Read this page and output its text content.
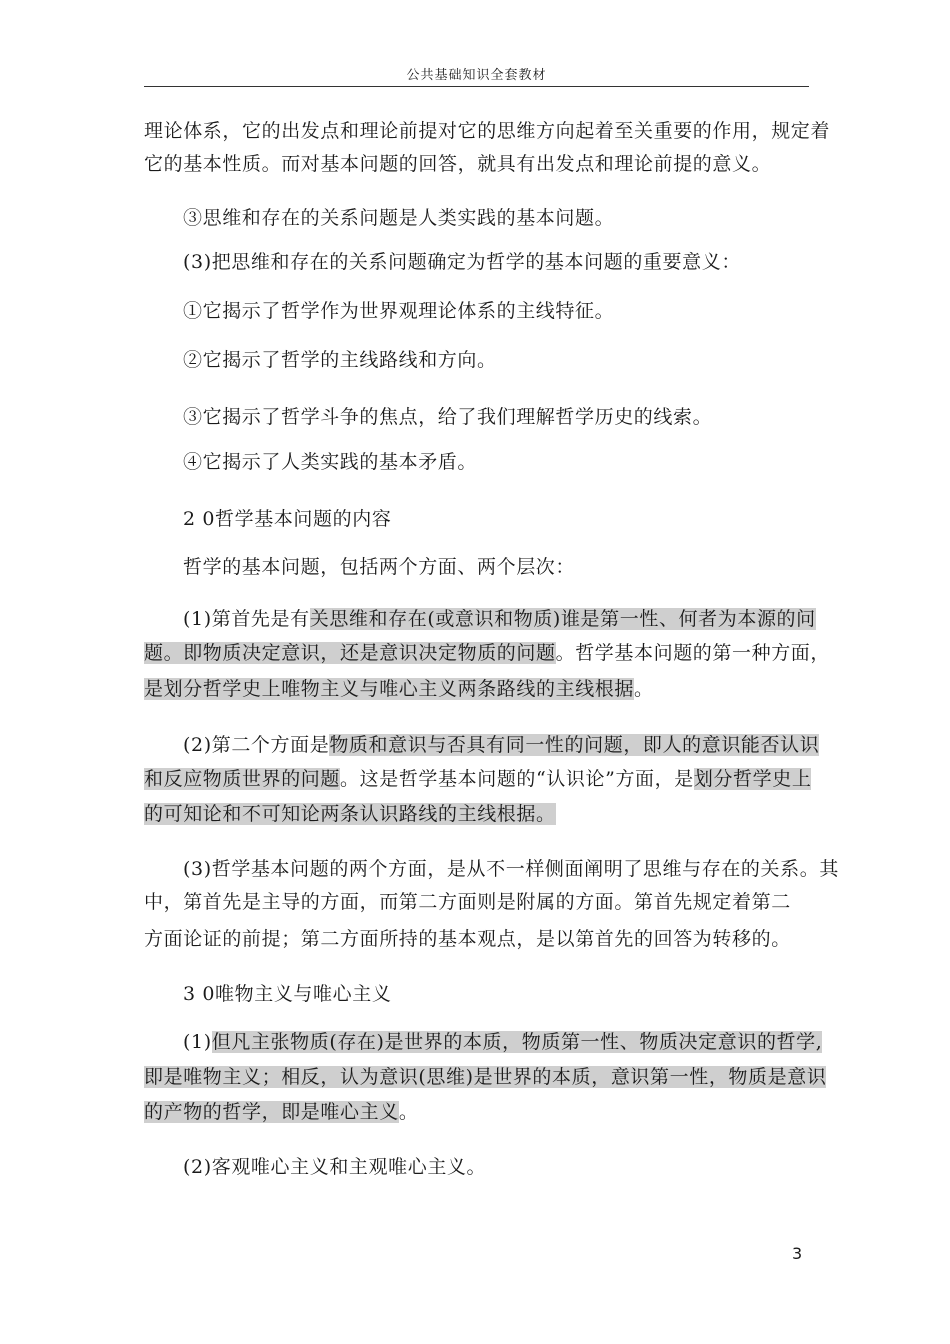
公共基础知识全套教材
理论体系，它的出发点和理论前提对它的思维方向起着至关重要的作用，规定着
它的基本性质。而对基本问题的回答，就具有出发点和理论前提的意义。
③思维和存在的关系问题是人类实践的基本问题。
(3)把思维和存在的关系问题确定为哲学的基本问题的重要意义：
①它揭示了哲学作为世界观理论体系的主线特征。
②它揭示了哲学的主线路线和方向。
③它揭示了哲学斗争的焦点，给了我们理解哲学历史的线索。
④它揭示了人类实践的基本矛盾。
2 0哲学基本问题的内容
哲学的基本问题，包括两个方面、两个层次：
(1)第首先是有关思维和存在(或意识和物质)谁是第一性、何者为本源的问
题。即物质决定意识，还是意识决定物质的问题。哲学基本问题的第一种方面，
是划分哲学史上唯物主义与唯心主义两条路线的主线根据。
(2)第二个方面是物质和意识与否具有同一性的问题，即人的意识能否认识
和反应物质世界的问题。这是哲学基本问题的“认识论”方面，是划分哲学史上
的可知论和不可知论两条认识路线的主线根据。
(3)哲学基本问题的两个方面，是从不一样侧面阐明了思维与存在的关系。其
中，第首先是主导的方面，而第二方面则是附属的方面。第首先规定着第二
方面论证的前提；第二方面所持的基本观点，是以第首先的回答为转移的。
3 0唯物主义与唯心主义
(1)但凡主张物质(存在)是世界的本质，物质第一性、物质决定意识的哲学,
即是唯物主义；相反，认为意识(思维)是世界的本质，意识第一性，物质是意识
的产物的哲学，即是唯心主义。
(2)客观唯心主义和主观唯心主义。
3
